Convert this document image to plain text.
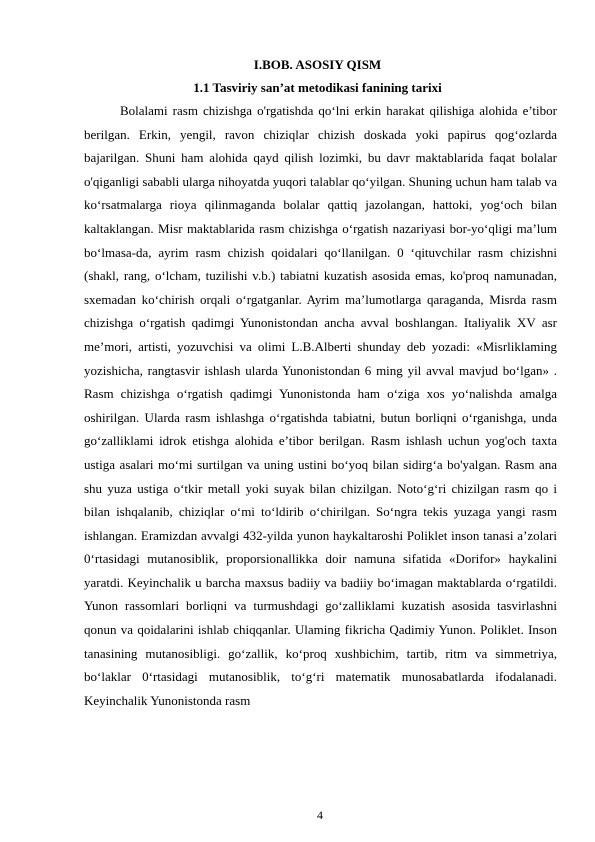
I.BOB. ASOSIY QISM
1.1 Tasviriy san’at metodikasi fanining tarixi

Bolalami rasm chizishga o'rgatishda qo‘lni erkin harakat qilishiga alohida e’tibor berilgan. Erkin, yengil, ravon chiziqlar chizish doskada yoki papirus qog‘ozlarda bajarilgan. Shuni ham alohida qayd qilish lozimki, bu davr maktablarida faqat bolalar o'qiganligi sababli ularga nihoyatda yuqori talablar qo‘yilgan. Shuning uchun ham talab va ko‘rsatmalarga rioya qilinmaganda bolalar qattiq jazolangan, hattoki, yog‘och bilan kaltaklangan. Misr maktablarida rasm chizishga o‘rgatish nazariyasi bor-yo‘qligi ma’lum bo‘lmasa-da, ayrim rasm chizish qoidalari qo‘llanilgan. 0 ‘qituvchilar rasm chizishni (shakl, rang, o‘lcham, tuzilishi v.b.) tabiatni kuzatish asosida emas, ko'proq namunadan, sxemadan ko‘chirish orqali o‘rgatganlar. Ayrim ma’lumotlarga qaraganda, Misrda rasm chizishga o‘rgatish qadimgi Yunonistondan ancha avval boshlangan. Italiyalik XV asr me’mori, artisti, yozuvchisi va olimi L.B.Alberti shunday deb yozadi: «Misrliklaming yozishicha, rangtasvir ishlash ularda Yunonistondan 6 ming yil avval mavjud bo‘lgan» . Rasm chizishga o‘rgatish qadimgi Yunonistonda ham o‘ziga xos yo‘nalishda amalga oshirilgan. Ularda rasm ishlashga o‘rgatishda tabiatni, butun borliqni o‘rganishga, unda go‘zalliklami idrok etishga alohida e’tibor berilgan. Rasm ishlash uchun yog'och taxta ustiga asalari mo‘mi surtilgan va uning ustini bo‘yoq bilan sidirg‘a bo'yalgan. Rasm ana shu yuza ustiga o‘tkir metall yoki suyak bilan chizilgan. Noto‘g‘ri chizilgan rasm qo i bilan ishqalanib, chiziqlar o‘mi to‘ldirib o‘chirilgan. So‘ngra tekis yuzaga yangi rasm ishlangan. Eramizdan avvalgi 432-yilda yunon haykaltaroshi Poliklet inson tanasi a’zolari 0‘rtasidagi mutanosiblik, proporsionallikka doir namuna sifatida «Dorifor» haykalini yaratdi. Keyinchalik u barcha maxsus badiiy va badiiy bo‘imagan maktablarda o‘rgatildi. Yunon rassomlari borliqni va turmushdagi go‘zalliklami kuzatish asosida tasvirlashni qonun va qoidalarini ishlab chiqqanlar. Ulaming fikricha Qadimiy Yunon. Poliklet. Inson tanasining mutanosibligi. go‘zallik, ko‘proq xushbichim, tartib, ritm va simmetriya, bo‘laklar 0‘rtasidagi mutanosiblik, to‘g‘ri matematik munosabatlarda ifodalanadi. Keyinchalik Yunonistonda rasm

4
